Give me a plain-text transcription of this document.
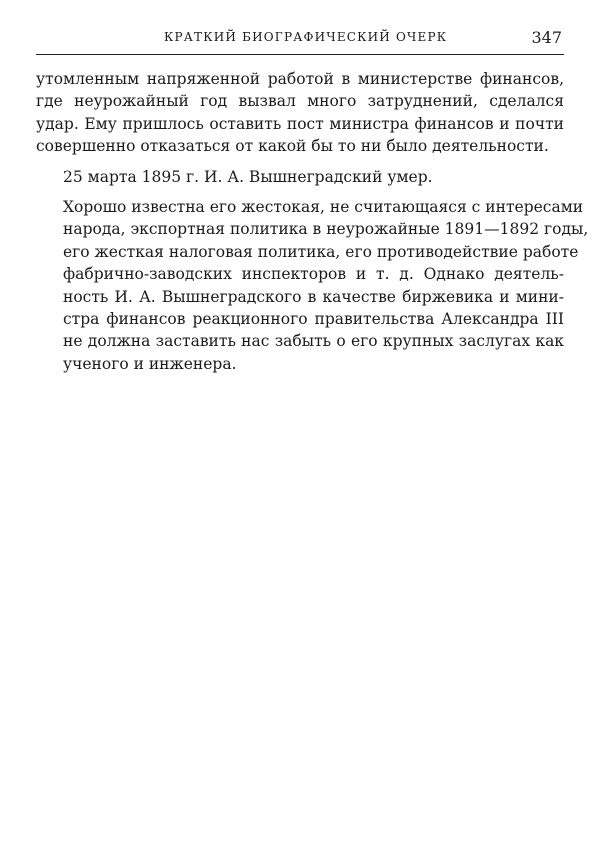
КРАТКИЙ БИОГРАФИЧЕСКИЙ ОЧЕРК	347

утомленным напряженной работой в министерстве финансов,
где неурожайный год вызвал много затруднений, сделался
удар. Ему пришлось оставить пост министра финансов и почти
совершенно отказаться от какой бы то ни было деятельности.

25 марта 1895 г. И. А. Вышнеградский умер.

Хорошо известна его жестокая, не считающаяся с интересами
народа, экспортная политика в неурожайные 1891—1892 годы,
его жесткая налоговая политика, его противодействие работе
фабрично-заводских инспекторов и т. д. Однако деятель-
ность И. А. Вышнеградского в качестве биржевика и мини-
стра финансов реакционного правительства Александра III
не должна заставить нас забыть о его крупных заслугах как
ученого и инженера.
